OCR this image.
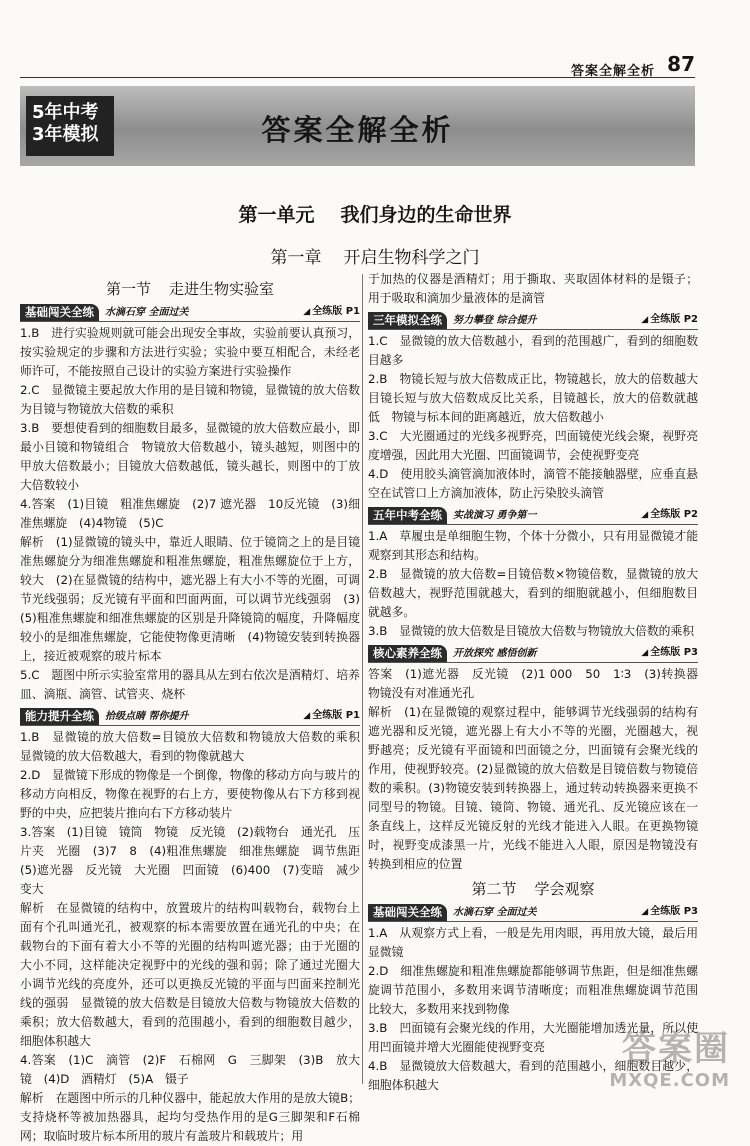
答案全解全析 87
5年中考
3年模拟	答案全解全析
第一单元 我们身边的生命世界
第一章 开启生物科学之门
第一节 走进生物实验室
基础闯关全练	水滴石穿 全面过关	◢ 全练版 P1

1.B　进行实验规则就可能会出现安全事故，实验前要认真预习，按实验规定的步骤和方法进行实验；实验中要互相配合，未经老师许可，不能按照自己设计的实验方案进行实验操作

2.C　显微镜主要起放大作用的是目镜和物镜，显微镜的放大倍数为目镜与物镜放大倍数的乘积

3.B　要想使看到的细胞数目最多，显微镜的放大倍数应最小，即最小目镜和物镜组合　物镜放大倍数越小，镜头越短，则图中的甲放大倍数最小；目镜放大倍数越低，镜头越长，则图中的丁放大倍数较小

4.答案　(1)目镜　粗准焦螺旋　(2)7 遮光器　10反光镜　(3)细准焦螺旋　(4)4物镜　(5)C

解析　(1)显微镜的镜头中，靠近人眼睛、位于镜筒之上的是目镜　准焦螺旋分为细准焦螺旋和粗准焦螺旋，粗准焦螺旋位于上方，较大　(2)在显微镜的结构中，遮光器上有大小不等的光圈，可调节光线强弱；反光镜有平面和凹面两面，可以调节光线强弱　(3)(5)粗准焦螺旋和细准焦螺旋的区别是升降镜筒的幅度，升降幅度较小的是细准焦螺旋，它能使物像更清晰　(4)物镜安装到转换器上，接近被观察的玻片标本

5.C　题图中所示实验室常用的器具从左到右依次是酒精灯、培养皿、滴瓶、滴管、试管夹、烧杯

能力提升全练	拾级点睛 帮你提升	◢ 全练版 P1

1.B　显微镜的放大倍数=目镜放大倍数和物镜放大倍数的乘积　显微镜的放大倍数越大，看到的物像就越大

2.D　显微镜下形成的物像是一个倒像，物像的移动方向与玻片的移动方向相反，物像在视野的右上方，要使物像从右下方移到视野的中央，应把装片推向右下方移动装片

3.答案　(1)目镜　镜筒　物镜　反光镜　(2)载物台　通光孔　压片夹　光圈　(3)7　8　(4)粗准焦螺旋　细准焦螺旋　调节焦距　(5)遮光器　反光镜　大光圈　凹面镜　(6)400　(7)变暗　减少　变大

解析　在显微镜的结构中，放置玻片的结构叫载物台，载物台上面有个孔叫通光孔，被观察的标本需要放置在通光孔的中央；在载物台的下面有着大小不等的光圈的结构叫遮光器；由于光圈的大小不同，这样能决定视野中的光线的强和弱；除了通过光圈大小调节光线的亮度外，还可以更换反光镜的平面与凹面来控制光线的强弱　显微镜的放大倍数是目镜放大倍数与物镜放大倍数的乘积；放大倍数越大，看到的范围越小，看到的细胞数目越少，细胞体积越大

4.答案　(1)C　滴管　(2)F　石棉网　G　三脚架　(3)B　放大镜　(4)D　酒精灯　(5)A　镊子

解析　在题图中所示的几种仪器中，能起放大作用的是放大镜B；支持烧杯等被加热器具，起均匀受热作用的是G三脚架和F石棉网；取临时玻片标本所用的玻片有盖玻片和载玻片；用

于加热的仪器是酒精灯；用于撕取、夹取固体材料的是镊子；用于吸取和滴加少量液体的是滴管

三年模拟全练	努力攀登 综合提升	◢ 全练版 P2

1.C　显微镜的放大倍数越小，看到的范围越广，看到的细胞数目越多

2.B　物镜长短与放大倍数成正比，物镜越长，放大的倍数越大　目镜长短与放大倍数成反比关系，目镜越长，放大的倍数就越低　物镜与标本间的距离越近，放大倍数越小

3.C　大光圈通过的光线多视野亮，凹面镜使光线会聚，视野亮度增强，因此用大光圈、凹面镜调节，会使视野变亮

4.D　使用胶头滴管滴加液体时，滴管不能接触器壁，应垂直悬空在试管口上方滴加液体，防止污染胶头滴管

五年中考全练	实战演习 勇争第一	◢ 全练版 P2

1.A　草履虫是单细胞生物，个体十分微小，只有用显微镜才能观察到其形态和结构。

2.B　显微镜的放大倍数=目镜倍数×物镜倍数，显微镜的放大倍数越大，视野范围就越大，看到的细胞就越小，但细胞数目就越多。

3.B　显微镜的放大倍数是目镜放大倍数与物镜放大倍数的乘积

核心素养全练	开放探究 感悟创新	◢ 全练版 P3

答案　(1)遮光器　反光镜　(2)1 000　50　1∶3　(3)转换器　物镜没有对准通光孔

解析　(1)在显微镜的观察过程中，能够调节光线强弱的结构有遮光器和反光镜，遮光器上有大小不等的光圈，光圈越大，视野越亮；反光镜有平面镜和凹面镜之分，凹面镜有会聚光线的作用，使视野较亮。(2)显微镜的放大倍数是目镜倍数与物镜倍数的乘积。(3)物镜安装到转换器上，通过转动转换器来更换不同型号的物镜。目镜、镜筒、物镜、通光孔、反光镜应该在一条直线上，这样反光镜反射的光线才能进入人眼。在更换物镜时，视野变成漆黑一片，光线不能进入人眼，原因是物镜没有转换到相应的位置

第二节 学会观察
基础闯关全练	水滴石穿 全面过关	◢ 全练版 P3

1.A　从观察方式上看，一般是先用肉眼，再用放大镜，最后用显微镜

2.D　细准焦螺旋和粗准焦螺旋都能够调节焦距，但是细准焦螺旋调节范围小，多数用来调节清晰度；而粗准焦螺旋调节范围比较大，多数用来找到物像

3.B　凹面镜有会聚光线的作用，大光圈能增加透光量，所以使用凹面镜并增大光圈能使视野变亮

4.B　显微镜放大倍数越大，看到的范围越小，细胞数目越少，细胞体积越大

答案圈
MXQE.COM
